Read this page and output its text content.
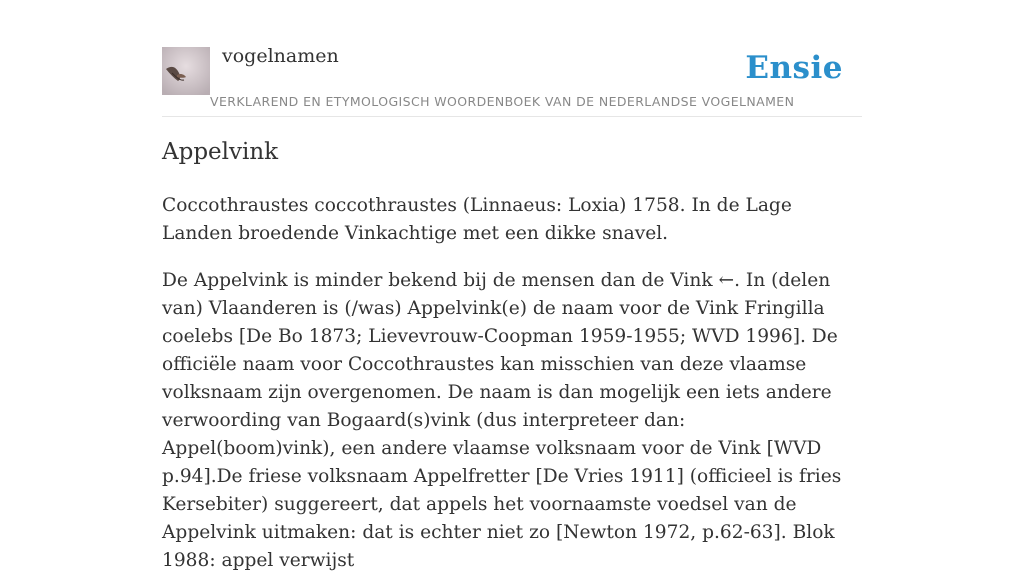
vogelnamen	Ensie
VERKLAREND EN ETYMOLOGISCH WOORDENBOEK VAN DE NEDERLANDSE VOGELNAMEN
Appelvink

Coccothraustes coccothraustes (Linnaeus: Loxia) 1758. In de Lage Landen broedende Vinkachtige met een dikke snavel.

De Appelvink is minder bekend bij de mensen dan de Vink ←. In (delen van) Vlaanderen is (/was) Appelvink(e) de naam voor de Vink Fringilla coelebs [De Bo 1873; Lievevrouw-Coopman 1959-1955; WVD 1996]. De officiële naam voor Coccothraustes kan misschien van deze vlaamse volksnaam zijn overgenomen. De naam is dan mogelijk een iets andere verwoording van Bogaard(s)vink (dus interpreteer dan: Appel(boom)vink), een andere vlaamse volksnaam voor de Vink [WVD p.94].De friese volksnaam Appelfretter [De Vries 1911] (officieel is fries Kersebiter) suggereert, dat appels het voornaamste voedsel van de Appelvink uitmaken: dat is echter niet zo [Newton 1972, p.62-63]. Blok 1988: appel verwijst
